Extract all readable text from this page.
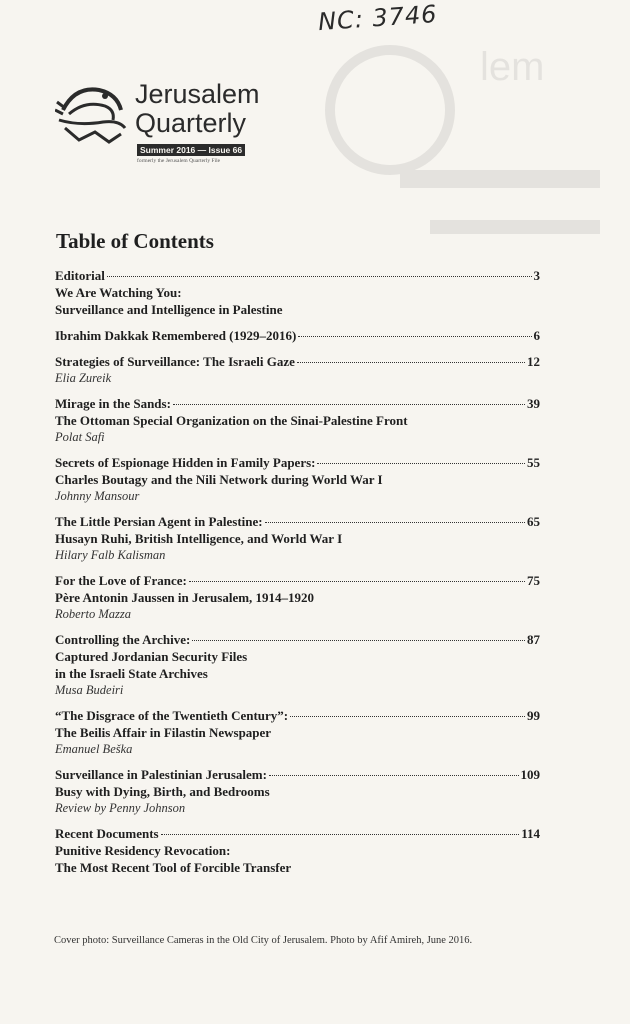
NC: 3746
lem
Jerusalem
Quarterly
Summer 2016 — Issue 66
formerly the Jerusalem Quarterly File
Table of Contents
Editorial	3
We Are Watching You:
Surveillance and Intelligence in Palestine
Ibrahim Dakkak Remembered (1929–2016)	6
Strategies of Surveillance: The Israeli Gaze	12
Elia Zureik
Mirage in the Sands:	39
The Ottoman Special Organization on the Sinai-Palestine Front
Polat Safi
Secrets of Espionage Hidden in Family Papers:	55
Charles Boutagy and the Nili Network during World War I
Johnny Mansour
The Little Persian Agent in Palestine:	65
Husayn Ruhi, British Intelligence, and World War I
Hilary Falb Kalisman
For the Love of France:	75
Père Antonin Jaussen in Jerusalem, 1914–1920
Roberto Mazza
Controlling the Archive:	87
Captured Jordanian Security Files
in the Israeli State Archives
Musa Budeiri
“The Disgrace of the Twentieth Century”:	99
The Beilis Affair in Filastin Newspaper
Emanuel Beška
Surveillance in Palestinian Jerusalem:	109
Busy with Dying, Birth, and Bedrooms
Review by Penny Johnson
Recent Documents	114
Punitive Residency Revocation:
The Most Recent Tool of Forcible Transfer
Cover photo: Surveillance Cameras in the Old City of Jerusalem. Photo by Afif Amireh, June 2016.
